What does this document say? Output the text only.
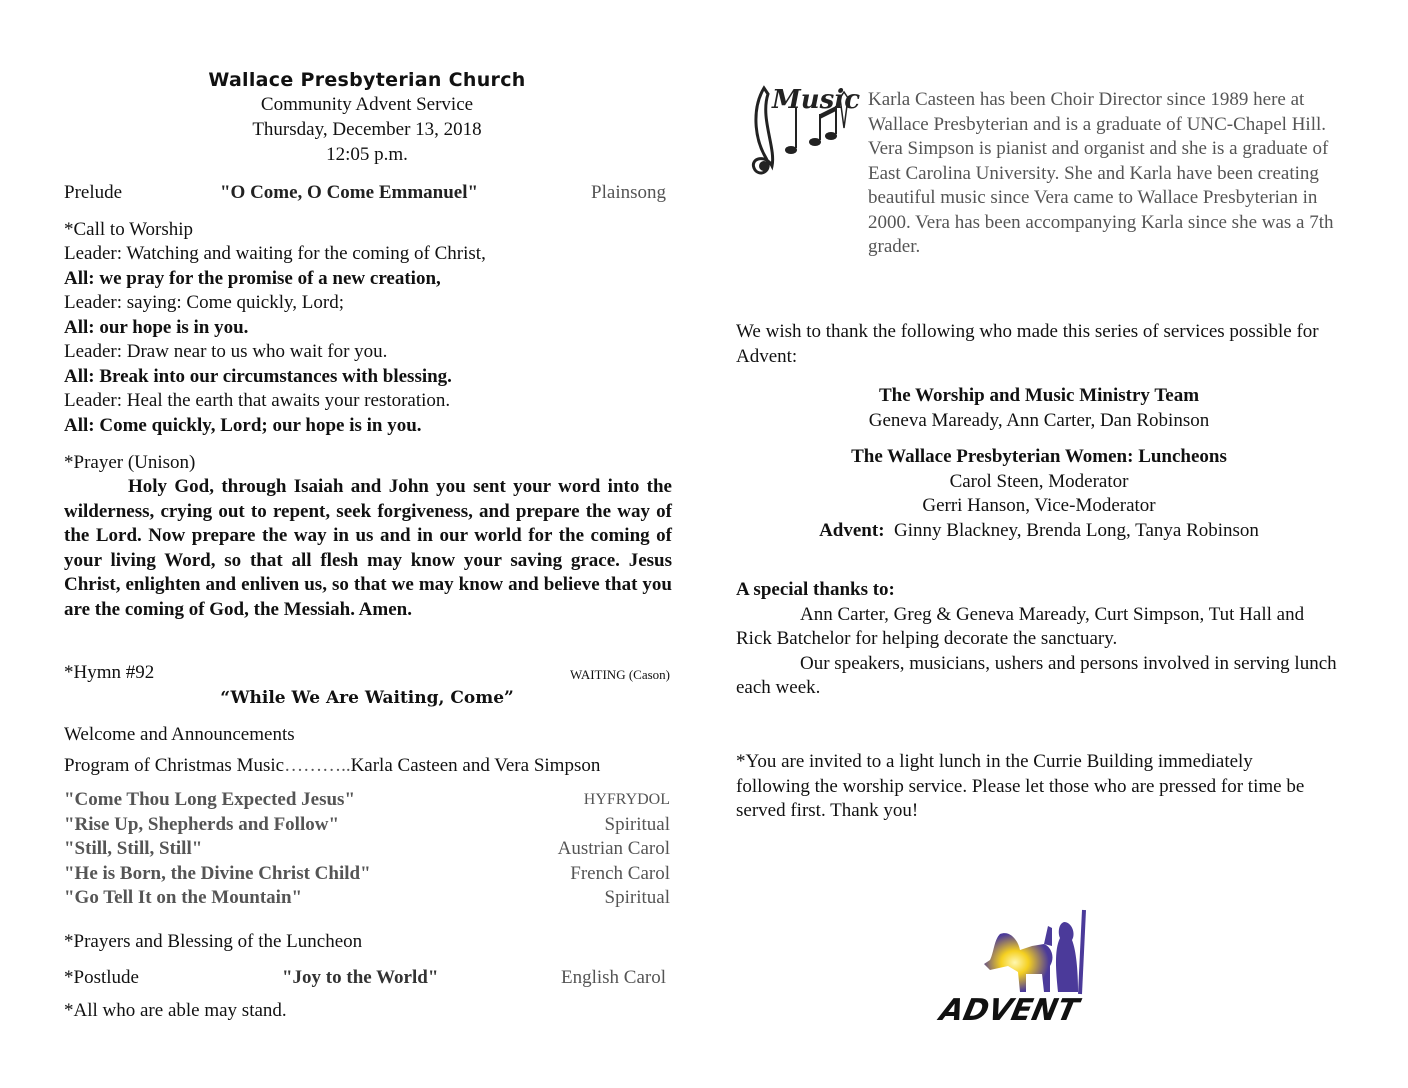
Wallace Presbyterian Church
Community Advent Service
Thursday, December 13, 2018
12:05 p.m.
Prelude	"O Come, O Come Emmanuel"	Plainsong
*Call to Worship
Leader: Watching and waiting for the coming of Christ,
All: we pray for the promise of a new creation,
Leader: saying: Come quickly, Lord;
All: our hope is in you.
Leader: Draw near to us who wait for you.
All: Break into our circumstances with blessing.
Leader: Heal the earth that awaits your restoration.
All: Come quickly, Lord; our hope is in you.
*Prayer (Unison)
Holy God, through Isaiah and John you sent your word into the wilderness, crying out to repent, seek forgiveness, and prepare the way of the Lord. Now prepare the way in us and in our world for the coming of your living Word, so that all flesh may know your saving grace. Jesus Christ, enlighten and enliven us, so that we may know and believe that you are the coming of God, the Messiah. Amen.
*Hymn #92	WAITING (Cason)
“While We Are Waiting, Come”
Welcome and Announcements
Program of Christmas Music………..Karla Casteen and Vera Simpson
"Come Thou Long Expected Jesus"	HYFRYDOL
"Rise Up, Shepherds and Follow"	Spiritual
"Still, Still, Still"	Austrian Carol
"He is Born, the Divine Christ Child"	French Carol
"Go Tell It on the Mountain"	Spiritual
*Prayers and Blessing of the Luncheon
*Postlude	"Joy to the World"	English Carol
*All who are able may stand.
Music Karla Casteen has been Choir Director since 1989 here at Wallace Presbyterian and is a graduate of UNC-Chapel Hill. Vera Simpson is pianist and organist and she is a graduate of East Carolina University. She and Karla have been creating beautiful music since Vera came to Wallace Presbyterian in 2000. Vera has been accompanying Karla since she was a 7th grader.
We wish to thank the following who made this series of services possible for Advent:
The Worship and Music Ministry Team
Geneva Maready, Ann Carter, Dan Robinson
The Wallace Presbyterian Women: Luncheons
Carol Steen, Moderator
Gerri Hanson, Vice-Moderator
Advent: Ginny Blackney, Brenda Long, Tanya Robinson
A special thanks to:
Ann Carter, Greg & Geneva Maready, Curt Simpson, Tut Hall and Rick Batchelor for helping decorate the sanctuary.
Our speakers, musicians, ushers and persons involved in serving lunch each week.
*You are invited to a light lunch in the Currie Building immediately following the worship service. Please let those who are pressed for time be served first. Thank you!
ADVENT
